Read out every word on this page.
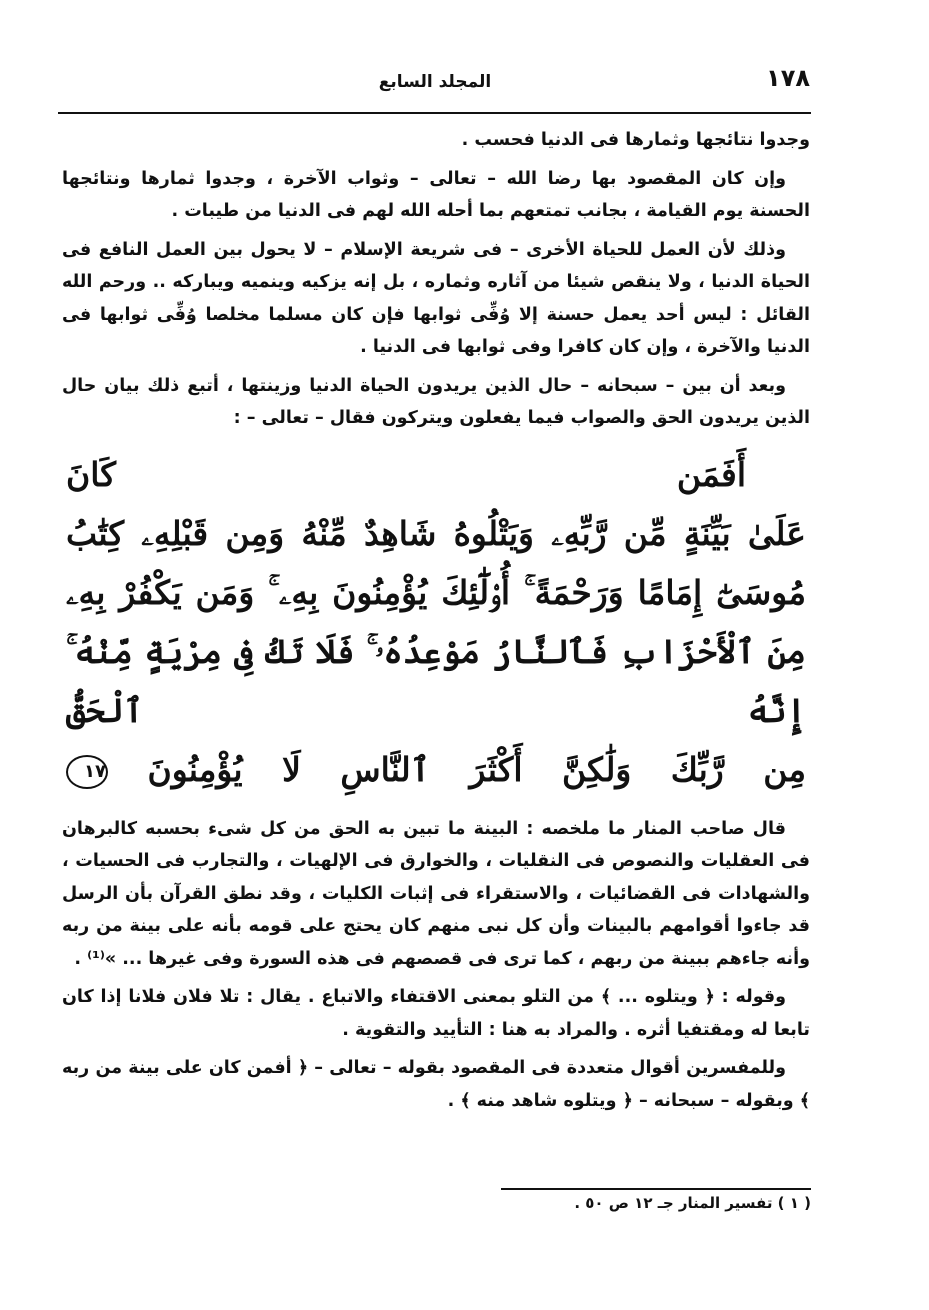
١٧٨
المجلد السابع

وجدوا نتائجها وثمارها فى الدنيا فحسب .

وإن كان المقصود بها رضا الله – تعالى – وثواب الآخرة ، وجدوا ثمارها ونتائجها الحسنة يوم القيامة ، بجانب تمتعهم بما أحله الله لهم فى الدنيا من طيبات .

وذلك لأن العمل للحياة الأخرى – فى شريعة الإسلام – لا يحول بين العمل النافع فى الحياة الدنيا ، ولا ينقص شيئا من آثاره وثماره ، بل إنه يزكيه وينميه ويباركه .. ورحم الله القائل : ليس أحد يعمل حسنة إلا وُفِّى ثوابها فإن كان مسلما مخلصا وُفِّى ثوابها فى الدنيا والآخرة ، وإن كان كافرا وفى ثوابها فى الدنيا .

وبعد أن بين – سبحانه – حال الذين يريدون الحياة الدنيا وزينتها ، أتبع ذلك بيان حال الذين يريدون الحق والصواب فيما يفعلون ويتركون فقال – تعالى – :

أَفَمَن كَانَ
عَلَىٰ بَيِّنَةٍ مِّن رَّبِّهِۦ وَيَتْلُوهُ شَاهِدٌ مِّنْهُ وَمِن قَبْلِهِۦ كِتَٰبُ
مُوسَىٰٓ إِمَامًا وَرَحْمَةً ۚ أُو۟لَٰٓئِكَ يُؤْمِنُونَ بِهِۦ ۚ وَمَن يَكْفُرْ بِهِۦ
مِنَ ٱلْأَحْزَابِ فَٱلنَّارُ مَوْعِدُهُۥ ۚ فَلَا تَكُ فِى مِرْيَةٍ مِّنْهُ ۚ إِنَّهُ ٱلْحَقُّ
مِن رَّبِّكَ وَلَٰكِنَّ أَكْثَرَ ٱلنَّاسِ لَا يُؤْمِنُونَ ١٧

قال صاحب المنار ما ملخصه : البينة ما تبين به الحق من كل شىء بحسبه كالبرهان فى العقليات والنصوص فى النقليات ، والخوارق فى الإلهيات ، والتجارب فى الحسيات ، والشهادات فى القضائيات ، والاستقراء فى إثبات الكليات ، وقد نطق القرآن بأن الرسل قد جاءوا أقوامهم بالبينات وأن كل نبى منهم كان يحتج على قومه بأنه على بينة من ربه وأنه جاءهم ببينة من ربهم ، كما ترى فى قصصهم فى هذه السورة وفى غيرها ... »⁽¹⁾ .

وقوله : ﴿ ويتلوه ... ﴾ من التلو بمعنى الاقتفاء والاتباع . يقال : تلا فلان فلانا إذا كان تابعا له ومقتفيا أثره . والمراد به هنا : التأييد والتقوية .

وللمفسرين أقوال متعددة فى المقصود بقوله – تعالى – ﴿ أفمن كان على بينة من ربه ﴾ وبقوله – سبحانه – ﴿ ويتلوه شاهد منه ﴾ .

( ١ ) تفسير المنار جـ ١٢ ص ٥٠ .
